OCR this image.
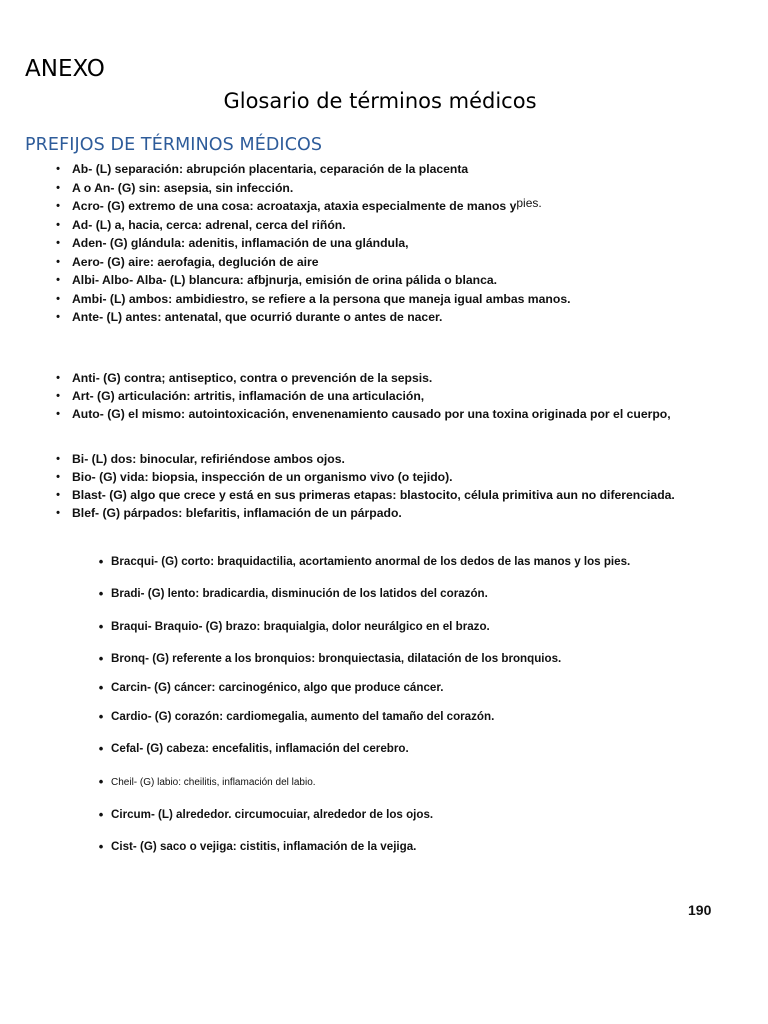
ANEXO
Glosario de términos médicos
PREFIJOS DE TÉRMINOS MÉDICOS
• Ab- (L) separación: abrupción placentaria, ceparación de la placenta
• A o An- (G) sin: asepsia, sin infección.
• Acro- (G) extremo de una cosa: acroataxja, ataxia especialmente de manos ypies.
• Ad- (L) a, hacia, cerca: adrenal, cerca del riñón.
• Aden- (G) glándula: adenitis, inflamación de una glándula,
• Aero- (G) aire: aerofagia, deglución de aire
• Albi- Albo- Alba- (L) blancura: afbjnurja, emisión de orina pálida o blanca.
• Ambi- (L) ambos: ambidiestro, se refiere a la persona que maneja igual ambas manos.
• Ante- (L) antes: antenatal, que ocurrió durante o antes de nacer.
• Anti- (G) contra; antiseptico, contra o prevención de la sepsis.
• Art- (G) articulación: artritis, inflamación de una articulación,
• Auto- (G) el mismo: autointoxicación, envenenamiento causado por una toxina originada por el cuerpo,
• Bi- (L) dos: binocular, refiriéndose ambos ojos.
• Bio- (G) vida: biopsia, inspección de un organismo vivo (o tejido).
• Blast- (G) algo que crece y está en sus primeras etapas: blastocito, célula primitiva aun no diferenciada.
• Blef- (G) párpados: blefaritis, inflamación de un párpado.
• Bracqui- (G) corto: braquidactilia, acortamiento anormal de los dedos de las manos y los pies.
• Bradi- (G) lento: bradicardia, disminución de los latidos del corazón.
• Braqui- Braquio- (G) brazo: braquialgia, dolor neurálgico en el brazo.
• Bronq- (G) referente a los bronquios: bronquiectasia, dilatación de los bronquios.
• Carcin- (G) cáncer: carcinogénico, algo que produce cáncer.
• Cardio- (G) corazón: cardiomegalia, aumento del tamaño del corazón.
• Cefal- (G) cabeza: encefalitis, inflamación del cerebro.
• Cheil- (G) labio: cheilitis, inflamación del labio.
• Circum- (L) alrededor. circumocuiar, alrededor de los ojos.
• Cist- (G) saco o vejiga: cistitis, inflamación de la vejiga.
190
